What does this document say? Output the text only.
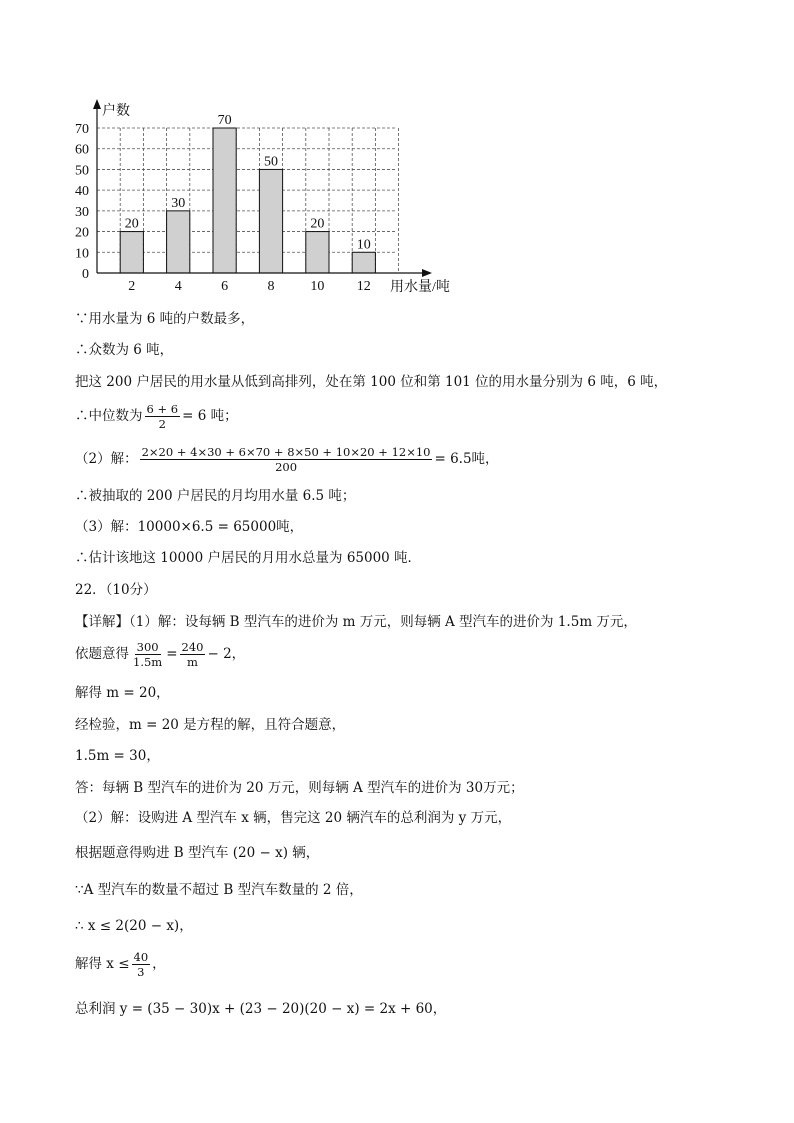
20
2
30
4
70
6
50
8
20
10
10
12
0
10
20
30
40
50
60
70
户数
用水量/吨
∵用水量为 6 吨的户数最多，
∴众数为 6 吨，
把这 200 户居民的用水量从低到高排列，处在第 100 位和第 101 位的用水量分别为 6 吨，6 吨，
∴中位数为 $\frac{6 + 6}{2} = 6$ 吨；
（2）解： $\frac{2\times 20 + 4\times 30 + 6\times 70 + 8\times 50 + 10\times 20 + 12\times 10}{200} = 6.5$吨，
∴被抽取的 200 户居民的月均用水量 6.5 吨；
（3）解：10000×6.5 = 65000吨，
∴估计该地这 10000 户居民的月用水总量为 65000 吨．
22．（10分）
【详解】（1）解：设每辆 B 型汽车的进价为 m 万元，则每辆 A 型汽车的进价为 1.5m 万元，
依题意得 $\frac{300}{1.5m} = \frac{240}{m} - 2$，
解得 m = 20，
经检验，m = 20 是方程的解，且符合题意，
1.5m = 30，
答：每辆 B 型汽车的进价为 20 万元，则每辆 A 型汽车的进价为 30万元；
（2）解：设购进 A 型汽车 x 辆，售完这 20 辆汽车的总利润为 y 万元，
根据题意得购进 B 型汽车 (20 − x) 辆，
∵A 型汽车的数量不超过 B 型汽车数量的 2 倍，
∴ x ≤ 2(20 − x)，
解得 $x \le \frac{40}{3}$ ，
总利润 y = (35 − 30)x + (23 − 20)(20 − x) = 2x + 60，
